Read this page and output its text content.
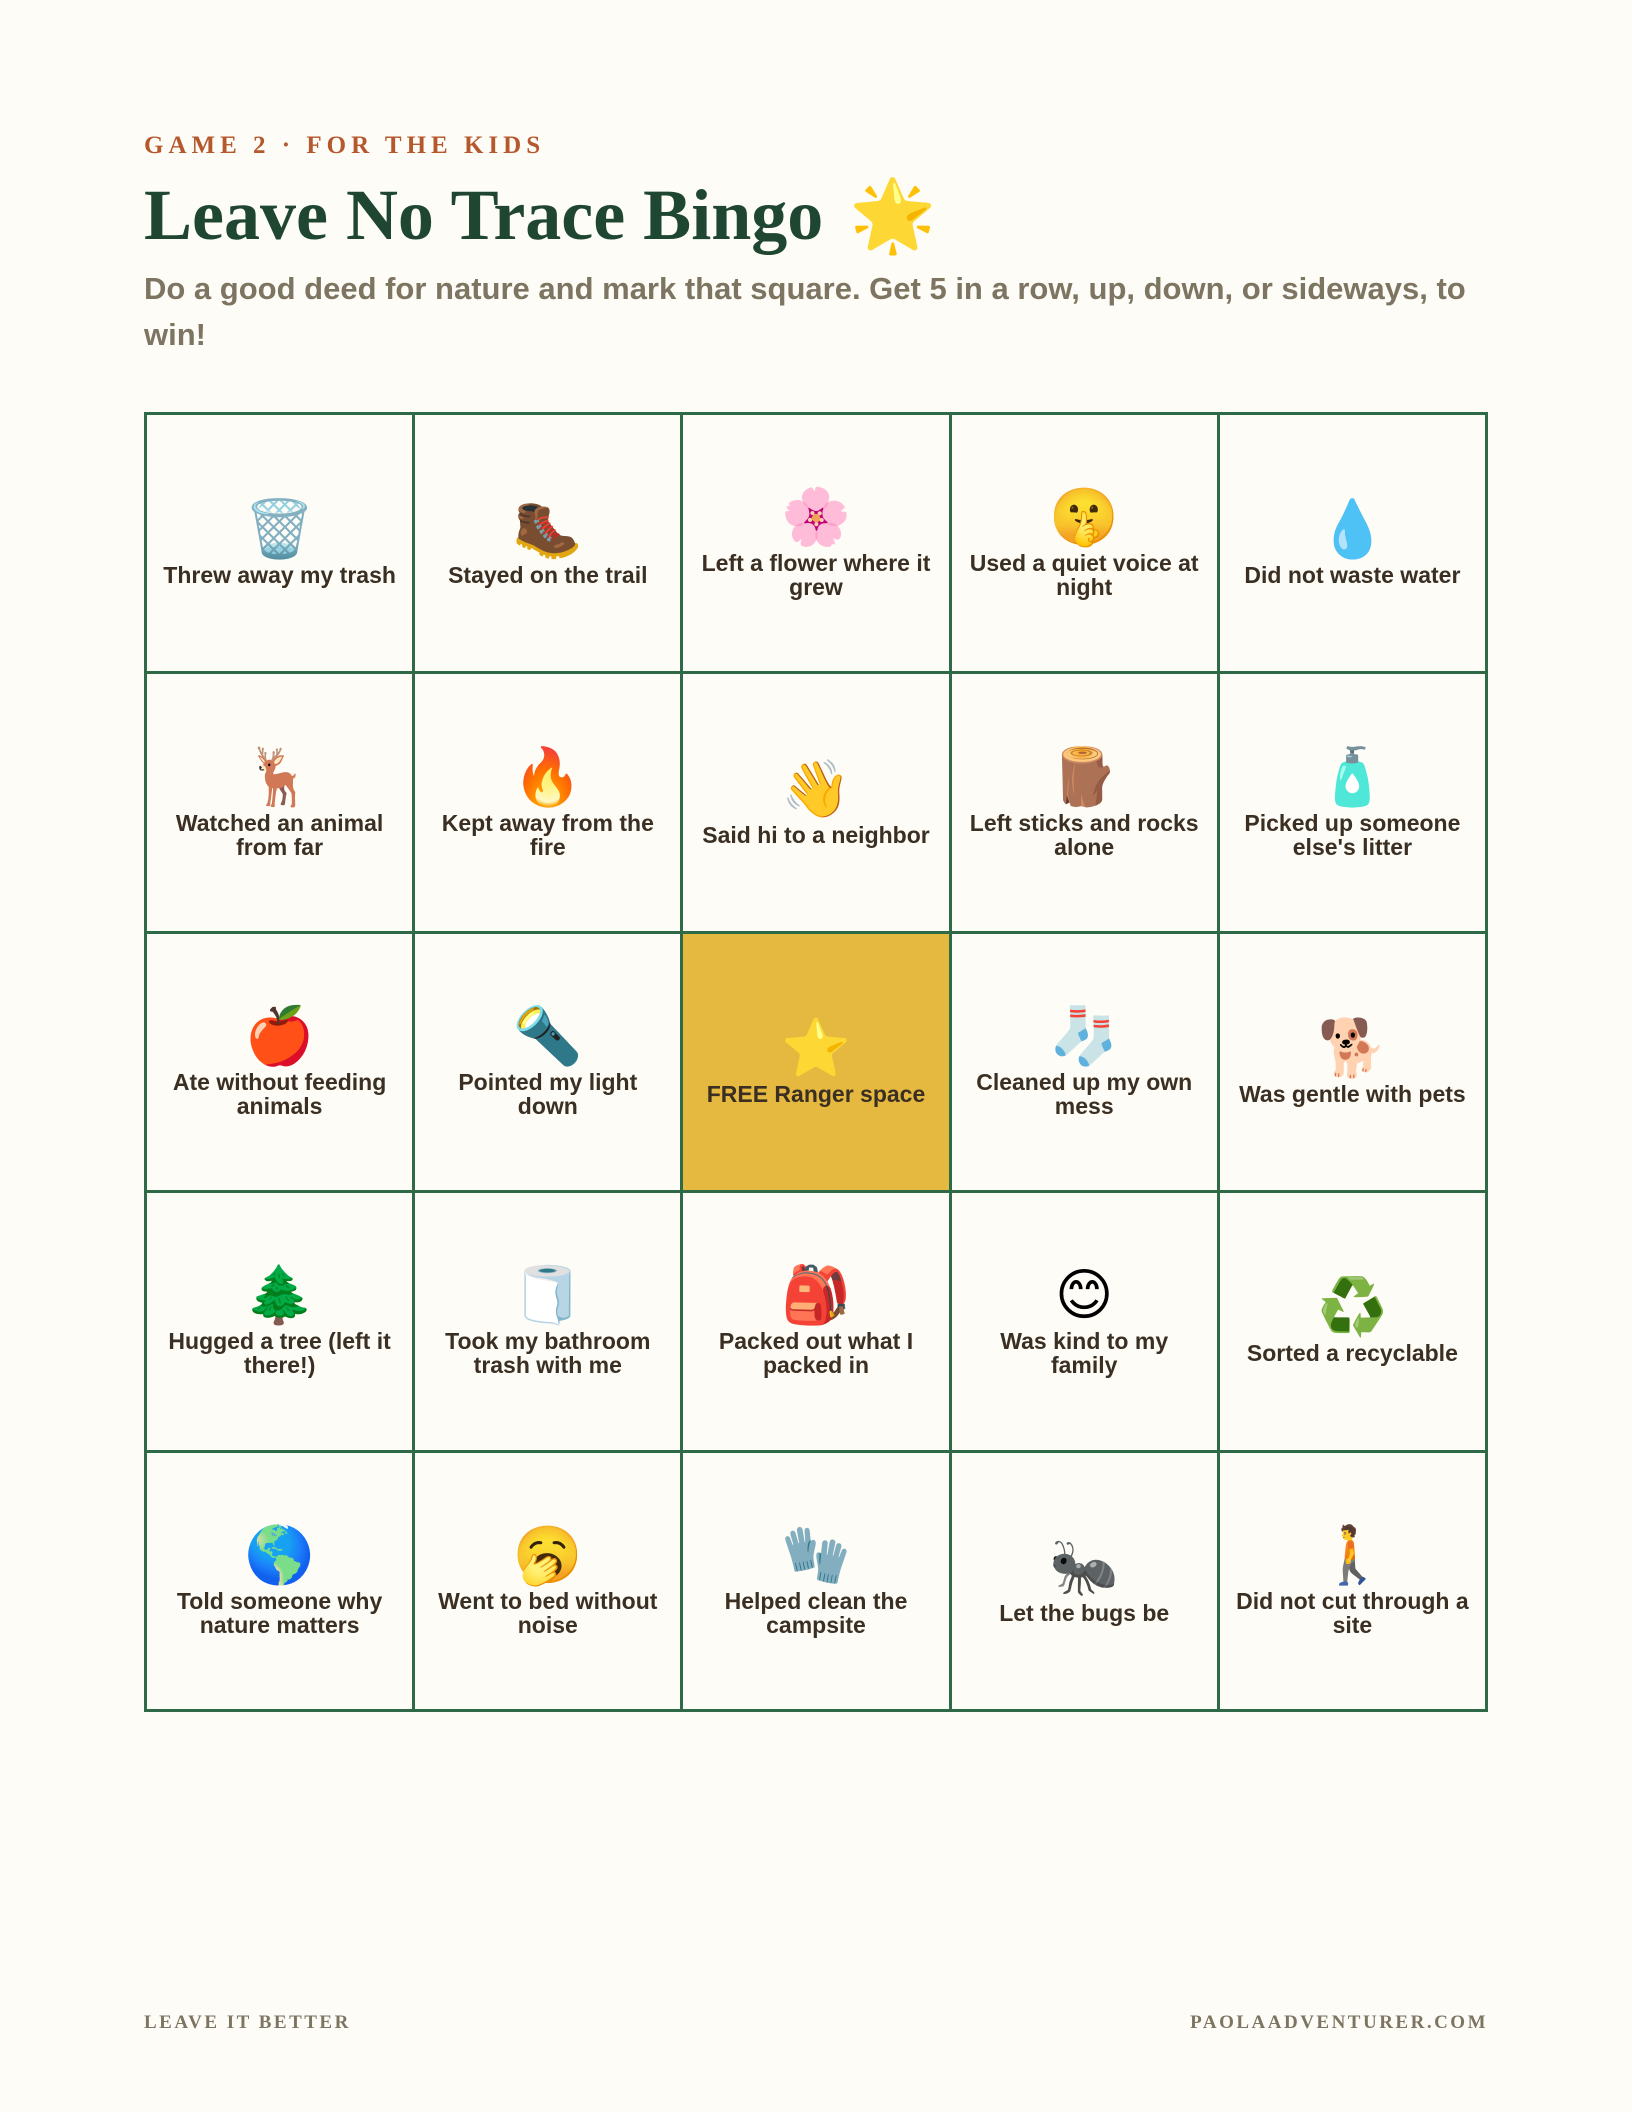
GAME 2 · FOR THE KIDS
Leave No Trace Bingo 🌟

Do a good deed for nature and mark that square. Get 5 in a row, up, down, or sideways, to win!

🗑️
Threw away my trash
🥾
Stayed on the trail
🌸
Left a flower where it grew
🤫
Used a quiet voice at night
💧
Did not waste water
🦌
Watched an animal from far
🔥
Kept away from the fire
👋
Said hi to a neighbor
🪵
Left sticks and rocks alone
🧴
Picked up someone else's litter
🍎
Ate without feeding animals
🔦
Pointed my light down
⭐
FREE Ranger space
🧦
Cleaned up my own mess
🐕
Was gentle with pets
🌲
Hugged a tree (left it there!)
🧻
Took my bathroom trash with me
🎒
Packed out what I packed in
😊
Was kind to my family
♻️
Sorted a recyclable
🌎
Told someone why nature matters
🥱
Went to bed without noise
🧤
Helped clean the campsite
🐜
Let the bugs be
🚶
Did not cut through a site
LEAVE IT BETTER	PAOLAADVENTURER.COM
